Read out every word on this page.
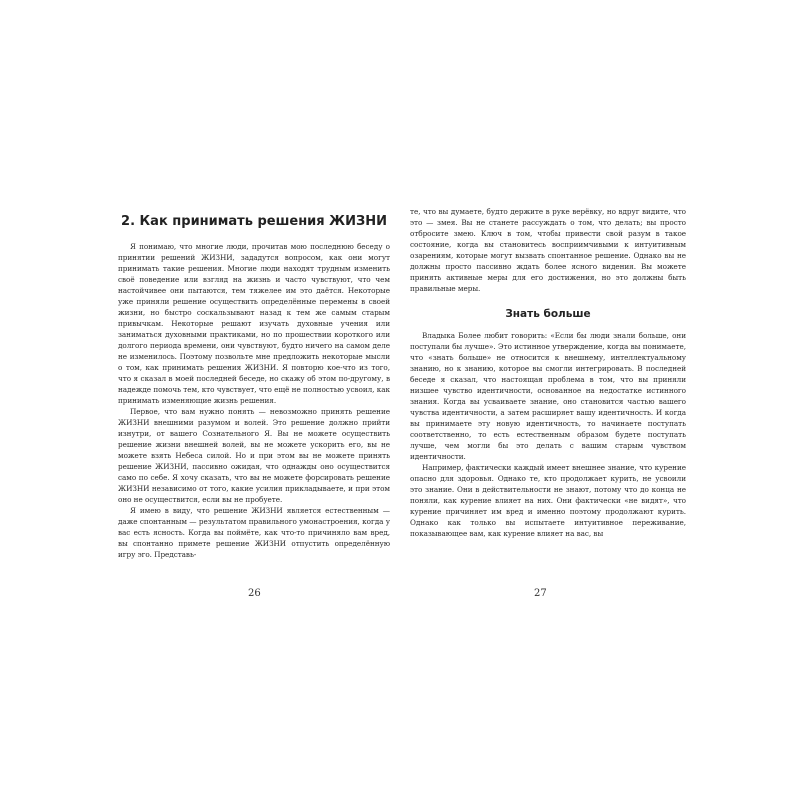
2. Как принимать решения ЖИЗНИ

Я понимаю, что многие люди, прочитав мою последнюю беседу о принятии решений ЖИЗНИ, зададутся вопросом, как они могут принимать такие решения. Многие люди находят трудным изменить своё поведение или взгляд на жизнь и часто чувствуют, что чем настойчивее они пытаются, тем тяжелее им это даётся. Некоторые уже приняли решение осуществить определённые перемены в своей жизни, но быстро соскальзывают назад к тем же самым старым привычкам. Некоторые решают изучать духовные учения или заниматься духовными практиками, но по прошествии короткого или долгого периода времени, они чувствуют, будто ничего на самом деле не изменилось. Поэтому позвольте мне предложить некоторые мысли о том, как принимать решения ЖИЗНИ. Я повторю кое-что из того, что я сказал в моей последней беседе, но скажу об этом по-другому, в надежде помочь тем, кто чувствует, что ещё не полностью усвоил, как принимать изменяющие жизнь решения.

Первое, что вам нужно понять — невозможно принять решение ЖИЗНИ внешними разумом и волей. Это решение должно прийти изнутри, от вашего Сознательного Я. Вы не можете осуществить решение жизни внешней волей, вы не можете ускорить его, вы не можете взять Небеса силой. Но и при этом вы не можете принять решение ЖИЗНИ, пассивно ожидая, что однажды оно осуществится само по себе. Я хочу сказать, что вы не можете форсировать решение ЖИЗНИ независимо от того, какие усилия прикладываете, и при этом оно не осуществится, если вы не пробуете.

Я имею в виду, что решение ЖИЗНИ является естественным — даже спонтанным — результатом правильного умонастроения, когда у вас есть ясность. Когда вы поймёте, как что-то причиняло вам вред, вы спонтанно примете решение ЖИЗНИ отпустить определённую игру эго. Представь-

26

те, что вы думаете, будто держите в руке верёвку, но вдруг видите, что это — змея. Вы не станете рассуждать о том, что делать; вы просто отбросите змею. Ключ в том, чтобы привести свой разум в такое состояние, когда вы становитесь восприимчивыми к интуитивным озарениям, которые могут вызвать спонтанное решение. Однако вы не должны просто пассивно ждать более ясного видения. Вы можете принять активные меры для его достижения, но это должны быть правильные меры.

Знать больше

Владыка Более любит говорить: «Если бы люди знали больше, они поступали бы лучше». Это истинное утверждение, когда вы понимаете, что «знать больше» не относится к внешнему, интеллектуальному знанию, но к знанию, которое вы смогли интегрировать. В последней беседе я сказал, что настоящая проблема в том, что вы приняли низшее чувство идентичности, основанное на недостатке истинного знания. Когда вы усваиваете знание, оно становится частью вашего чувства идентичности, а затем расширяет вашу идентичность. И когда вы принимаете эту новую идентичность, то начинаете поступать соответственно, то есть естественным образом будете поступать лучше, чем могли бы это делать с вашим старым чувством идентичности.

Например, фактически каждый имеет внешнее знание, что курение опасно для здоровья. Однако те, кто продолжает курить, не усвоили это знание. Они в действительности не знают, потому что до конца не поняли, как курение влияет на них. Они фактически «не видят», что курение причиняет им вред и именно поэтому продолжают курить. Однако как только вы испытаете интуитивное переживание, показывающее вам, как курение влияет на вас, вы

27
